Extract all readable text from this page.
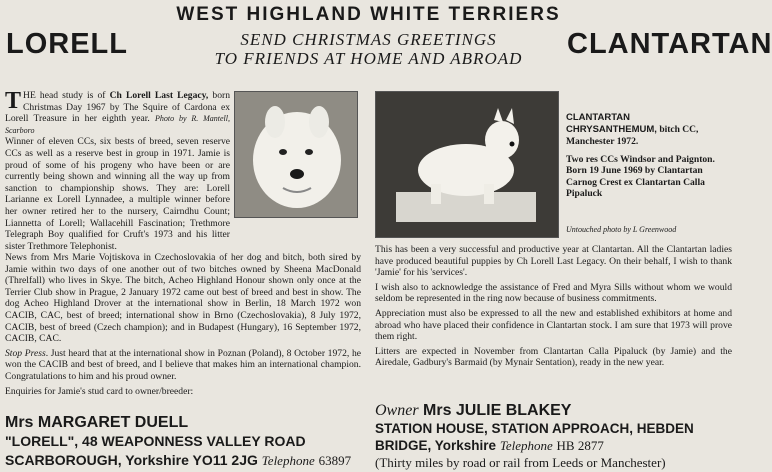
WEST HIGHLAND WHITE TERRIERS
LORELL	CLANTARTAN
SEND CHRISTMAS GREETINGS
TO FRIENDS AT HOME AND ABROAD
THE head study is of Ch Lorell Last Legacy, born Christmas Day 1967 by The Squire of Cardona ex Lorell Treasure in her eighth year. Photo by R. Mantell, Scarboro

Winner of eleven CCs, six bests of breed, seven reserve CCs as well as a reserve best in group in 1971. Jamie is proud of some of his progeny who have been or are currently being shown and winning all the way up from sanction to championship shows. They are: Lorell Larianne ex Lorell Lynnadee, a multiple winner before her owner retired her to the nursery, Cairndhu Count; Liannetta of Lorell; Wallacehill Fascination; Trethmore Telegraph Boy qualified for Cruft's 1973 and his litter sister Trethmore Telephonist.

News from Mrs Marie Vojtiskova in Czechoslovakia of her dog and bitch, both sired by Jamie within two days of one another out of two bitches owned by Sheena MacDonald (Threlfall) who lives in Skye. The bitch, Acheo Highland Honour shown only once at the Terrier Club show in Prague, 2 January 1972 came out best of breed and best in show. The dog Acheo Highland Drover at the international show in Berlin, 18 March 1972 won CACIB, CAC, best of breed; international show in Brno (Czechoslovakia), 8 July 1972, CACIB, best of breed (Czech champion); and in Budapest (Hungary), 16 September 1972, CACIB, CAC.

Stop Press. Just heard that at the international show in Poznan (Poland), 8 October 1972, he won the CACIB and best of breed, and I believe that makes him an international champion. Congratulations to him and his proud owner.

Enquiries for Jamie's stud card to owner/breeder:

Mrs MARGARET DUELL
"LORELL", 48 WEAPONNESS VALLEY ROAD
SCARBOROUGH, Yorkshire YO11 2JG Telephone 63897
CLANTARTAN
CHRYSANTHEMUM, bitch CC,
Manchester 1972.
Two res CCs Windsor and Paignton. Born 19 June 1969 by Clantartan Carnog Crest ex Clantartan Calla Pipaluck
Untouched photo by L Greenwood

This has been a very successful and productive year at Clantartan. All the Clantartan ladies have produced beautiful puppies by Ch Lorell Last Legacy. On their behalf, I wish to thank 'Jamie' for his 'services'.

I wish also to acknowledge the assistance of Fred and Myra Sills without whom we would seldom be represented in the ring now because of business commitments.

Appreciation must also be expressed to all the new and established exhibitors at home and abroad who have placed their confidence in Clantartan stock. I am sure that 1973 will prove them right.

Litters are expected in November from Clantartan Calla Pipaluck (by Jamie) and the Airedale, Gadbury's Barmaid (by Mynair Sentation), ready in the new year.

Owner Mrs JULIE BLAKEY
STATION HOUSE, STATION APPROACH, HEBDEN
BRIDGE, Yorkshire Telephone HB 2877
(Thirty miles by road or rail from Leeds or Manchester)
